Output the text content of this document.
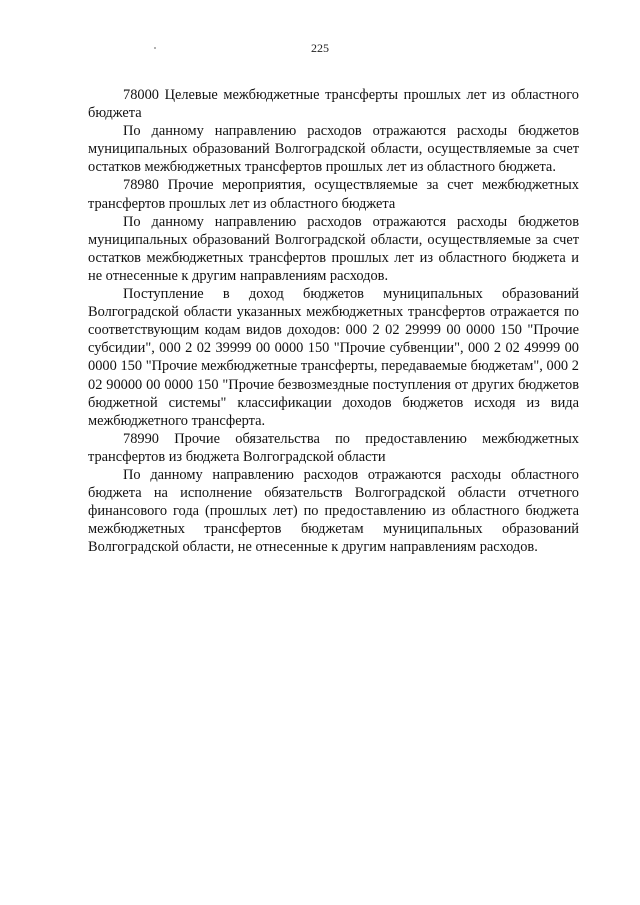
225

78000 Целевые межбюджетные трансферты прошлых лет из областного бюджета

По данному направлению расходов отражаются расходы бюджетов муниципальных образований Волгоградской области, осуществляемые за счет остатков межбюджетных трансфертов прошлых лет из областного бюджета.

78980 Прочие мероприятия, осуществляемые за счет межбюджетных трансфертов прошлых лет из областного бюджета

По данному направлению расходов отражаются расходы бюджетов муниципальных образований Волгоградской области, осуществляемые за счет остатков межбюджетных трансфертов прошлых лет из областного бюджета и не отнесенные к другим направлениям расходов.

Поступление в доход бюджетов муниципальных образований Волгоградской области указанных межбюджетных трансфертов отражается по соответствующим кодам видов доходов: 000 2 02 29999 00 0000 150 "Прочие субсидии", 000 2 02 39999 00 0000 150 "Прочие субвенции", 000 2 02 49999 00 0000 150 "Прочие межбюджетные трансферты, передаваемые бюджетам", 000 2 02 90000 00 0000 150 "Прочие безвозмездные поступления от других бюджетов бюджетной системы" классификации доходов бюджетов исходя из вида межбюджетного трансферта.

78990 Прочие обязательства по предоставлению межбюджетных трансфертов из бюджета Волгоградской области

По данному направлению расходов отражаются расходы областного бюджета на исполнение обязательств Волгоградской области отчетного финансового года (прошлых лет) по предоставлению из областного бюджета межбюджетных трансфертов бюджетам муниципальных образований Волгоградской области, не отнесенные к другим направлениям расходов.
